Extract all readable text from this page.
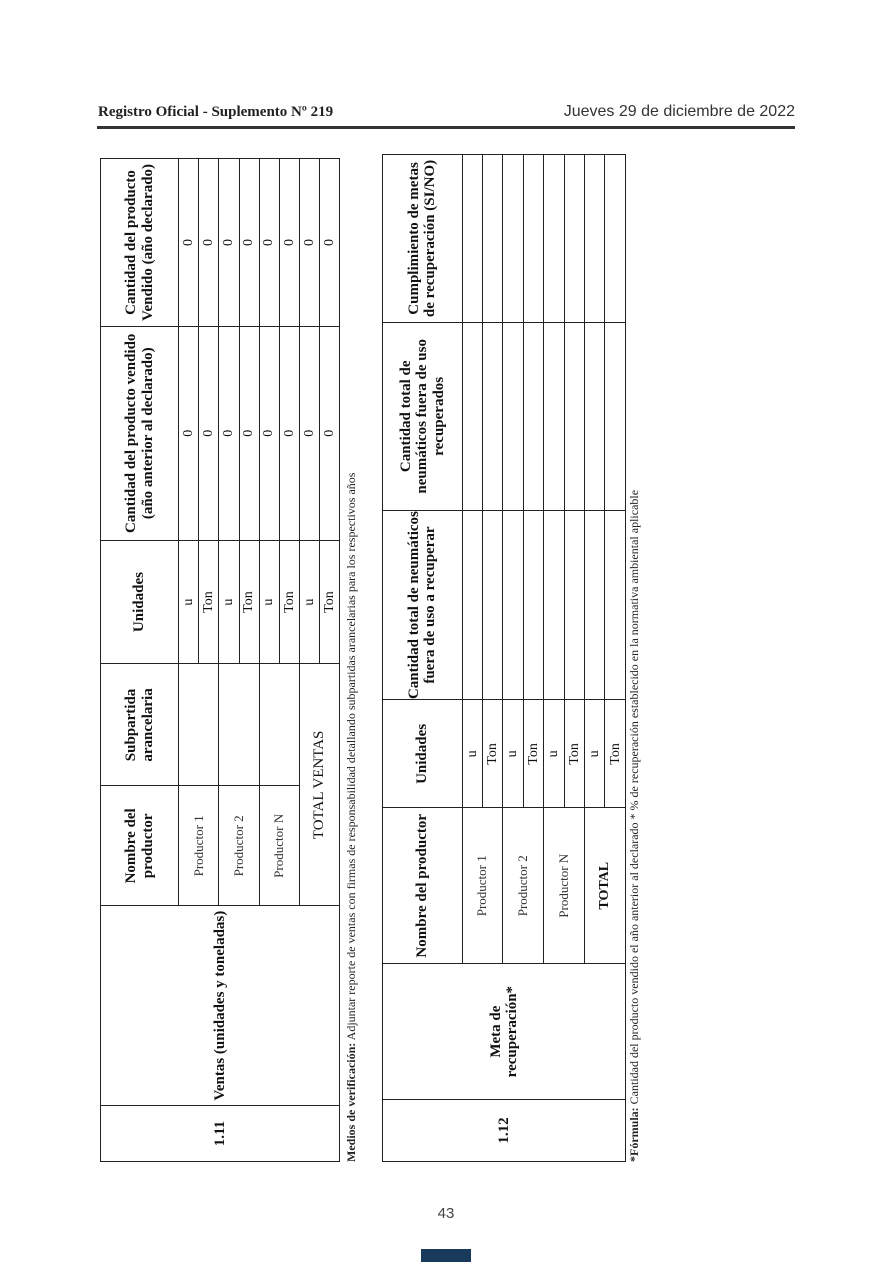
Registro Oficial - Suplemento Nº 219	Jueves 29 de diciembre de 2022
1.11	Ventas (unidades y toneladas)	Nombre del productor	Subpartida arancelaria	Unidades	Cantidad del producto vendido (año anterior al declarado)	Cantidad del producto Vendido (año declarado)
		Productor 1		u	0	0
				Ton	0	0
		Productor 2		u	0	0
				Ton	0	0
		Productor N		u	0	0
				Ton	0	0
		TOTAL VENTAS		u	0	0
				Ton	0	0
Medios de verificación: Adjuntar reporte de ventas con firmas de responsabilidad detallando subpartidas arancelarias para los respectivos años
1.12	Meta de recuperación*	Nombre del productor	Unidades	Cantidad total de neumáticos fuera de uso a recuperar	Cantidad total de neumáticos fuera de uso recuperados	Cumplimiento de metas de recuperación (SI/NO)
		Productor 1	u			
			Ton			
		Productor 2	u			
			Ton			
		Productor N	u			
			Ton			
		TOTAL	u			
			Ton			
*Fórmula: Cantidad del producto vendido el año anterior al declarado * % de recuperación establecido en la normativa ambiental aplicable
43
